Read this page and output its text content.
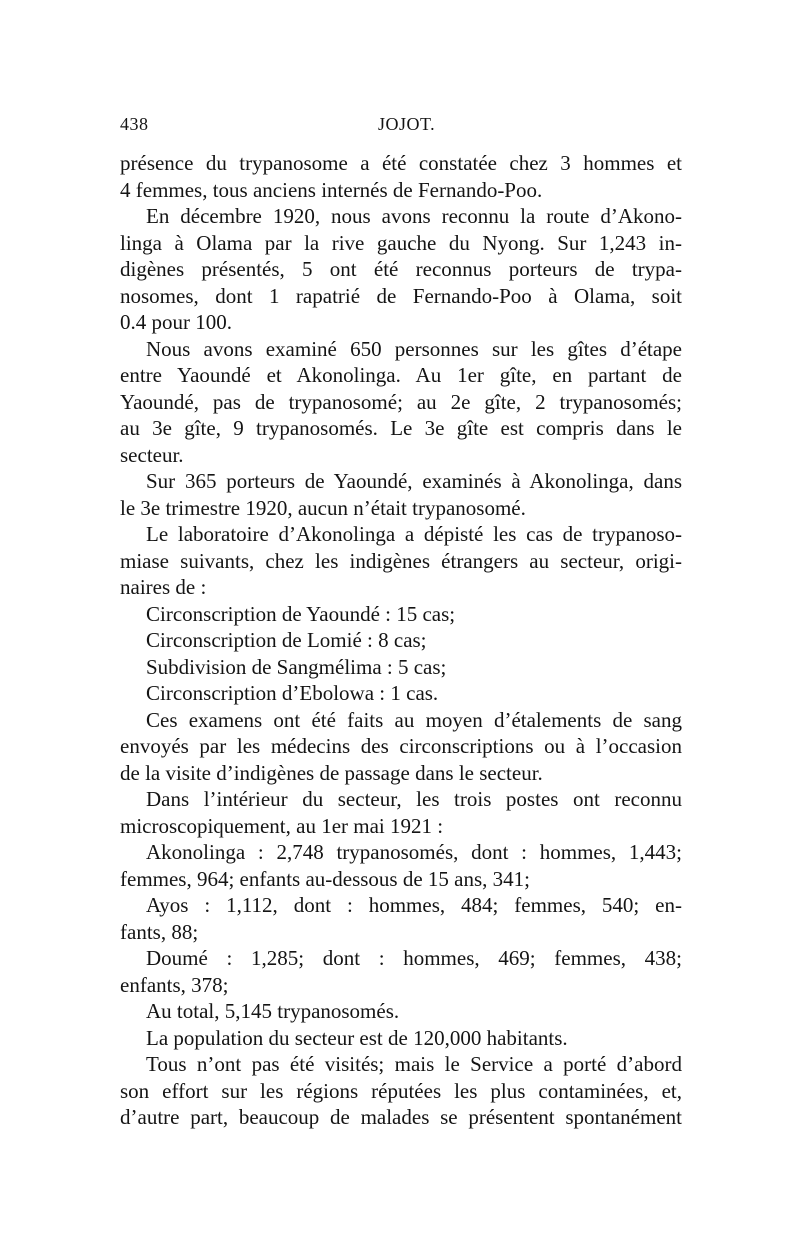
438	JOJOT.
présence du trypanosome a été constatée chez 3 hommes et
4 femmes, tous anciens internés de Fernando-Poo.
En décembre 1920, nous avons reconnu la route d’Akono-
linga à Olama par la rive gauche du Nyong. Sur 1,243 in-
digènes présentés, 5 ont été reconnus porteurs de trypa-
nosomes, dont 1 rapatrié de Fernando-Poo à Olama, soit
0.4 pour 100.
Nous avons examiné 650 personnes sur les gîtes d’étape
entre Yaoundé et Akonolinga. Au 1er gîte, en partant de
Yaoundé, pas de trypanosomé; au 2e gîte, 2 trypanosomés;
au 3e gîte, 9 trypanosomés. Le 3e gîte est compris dans le
secteur.
Sur 365 porteurs de Yaoundé, examinés à Akonolinga, dans
le 3e trimestre 1920, aucun n’était trypanosomé.
Le laboratoire d’Akonolinga a dépisté les cas de trypanoso-
miase suivants, chez les indigènes étrangers au secteur, origi-
naires de :
Circonscription de Yaoundé : 15 cas;
Circonscription de Lomié : 8 cas;
Subdivision de Sangmélima : 5 cas;
Circonscription d’Ebolowa : 1 cas.
Ces examens ont été faits au moyen d’étalements de sang
envoyés par les médecins des circonscriptions ou à l’occasion
de la visite d’indigènes de passage dans le secteur.
Dans l’intérieur du secteur, les trois postes ont reconnu
microscopiquement, au 1er mai 1921 :
Akonolinga : 2,748 trypanosomés, dont : hommes, 1,443;
femmes, 964; enfants au-dessous de 15 ans, 341;
Ayos : 1,112, dont : hommes, 484; femmes, 540; en-
fants, 88;
Doumé : 1,285; dont : hommes, 469; femmes, 438;
enfants, 378;
Au total, 5,145 trypanosomés.
La population du secteur est de 120,000 habitants.
Tous n’ont pas été visités; mais le Service a porté d’abord
son effort sur les régions réputées les plus contaminées, et,
d’autre part, beaucoup de malades se présentent spontanément
